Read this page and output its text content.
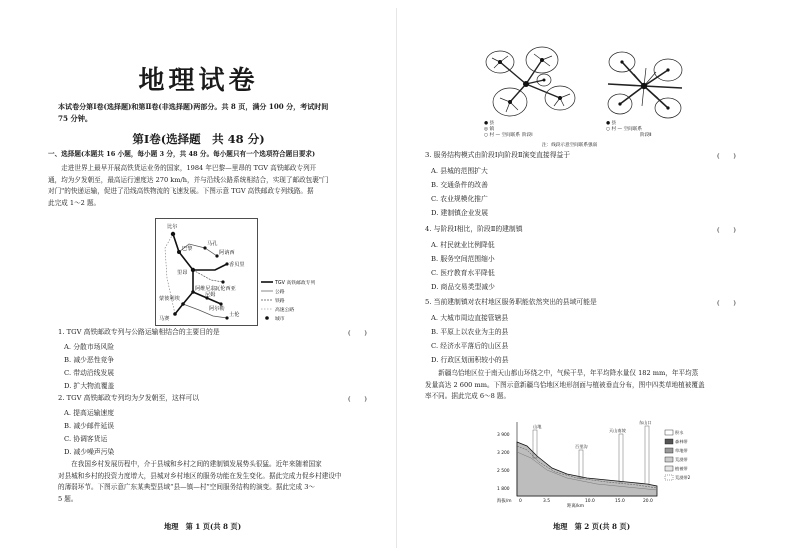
地理试卷
本试卷分第Ⅰ卷(选择题)和第Ⅱ卷(非选择题)两部分。共 8 页，满分 100 分，考试时间
75 分钟。
第Ⅰ卷(选择题　共 48 分)
一、选择题(本题共 16 小题，每小题 3 分，共 48 分。每小题只有一个选项符合题目要求)
　　走进世界上最早开展高铁货运业务的国家，1984 年巴黎—里昂的 TGV 高铁邮政专列开
通，均为夕发朝至，最高运行速度达 270 km/h，并与沿线公路系统相结合，实现了邮政包裹"门
对门"的快递运输，促进了沿线高铁物流的飞速发展。下图示意 TGV 高铁邮政专列线路。据
此完成 1～2 题。
比尔
巴黎
马孔
阿讷西
香贝里
里昂
瓦伦西亚
阿维尼翁
蒙彼利埃
尼姆
阿尔勒
马赛
土伦
TGV 高铁邮政专列
公路
铁路
高速公路
城市
1. TGV 高铁邮政专列与公路运输相结合的主要目的是	(　　)
A. 分散市场风险
B. 减少恶性竞争
C. 带动沿线发展
D. 扩大物流覆盖
2. TGV 高铁邮政专列均为夕发朝至，这样可以	(　　)
A. 提高运输速度
B. 减少邮件延误
C. 协调客货运
D. 减少噪声污染
　　在我国乡村发展历程中，介于县城和乡村之间的建制镇发展势头很猛。近年来随着国家
对县城和乡村的投资力度增大，县城对乡村地区的服务功能在发生变化。据此完成力促乡村建设中
的薄弱环节。下图示意广东某典型县域“县—镇—村”空间服务结构的演变。据此完成 3～
5 题。
地理　第 1 页(共 8 页)
● 县
◎ 镇
○ 村 — 空间联系 阶段Ⅰ
● 县
○ 村 — 空间联系
阶段Ⅱ
注：线段示意空间联系强弱
3. 服务结构模式由阶段Ⅰ向阶段Ⅱ演变直接得益于	(　　)
A. 县城的范围扩大
B. 交通条件的改善
C. 农业规模化推广
D. 建制镇企业发展
4. 与阶段Ⅰ相比，阶段Ⅱ的建制镇	(　　)
A. 村民就业比例降低
B. 服务空间范围缩小
C. 医疗教育水平降低
D. 商品交易类型减少
5. 当前建制镇对农村地区服务职能依然突出的县域可能是	(　　)
A. 大城市周边直接管辖县
B. 平原上以农业为主的县
C. 经济水平落后的山区县
D. 行政区划面积较小的县
　　新疆乌恰地区位于南天山都山环绕之中，气候干旱，年平均降水量仅 182 mm，年平均蒸
发量高达 2 600 mm。下图示意新疆乌恰地区地形剖面与植被垂直分布，图中四类草地植被覆盖
率不同。据此完成 6～8 题。
3 900
3 200
2 500
1 800
海拔/m
山地
百里沟
天山南坡
东山口
0	3.5	10.0	15.0	20.0
距离/km
积水
森林带
草地带
荒漠带
植被带
荒漠带2
地理　第 2 页(共 8 页)
